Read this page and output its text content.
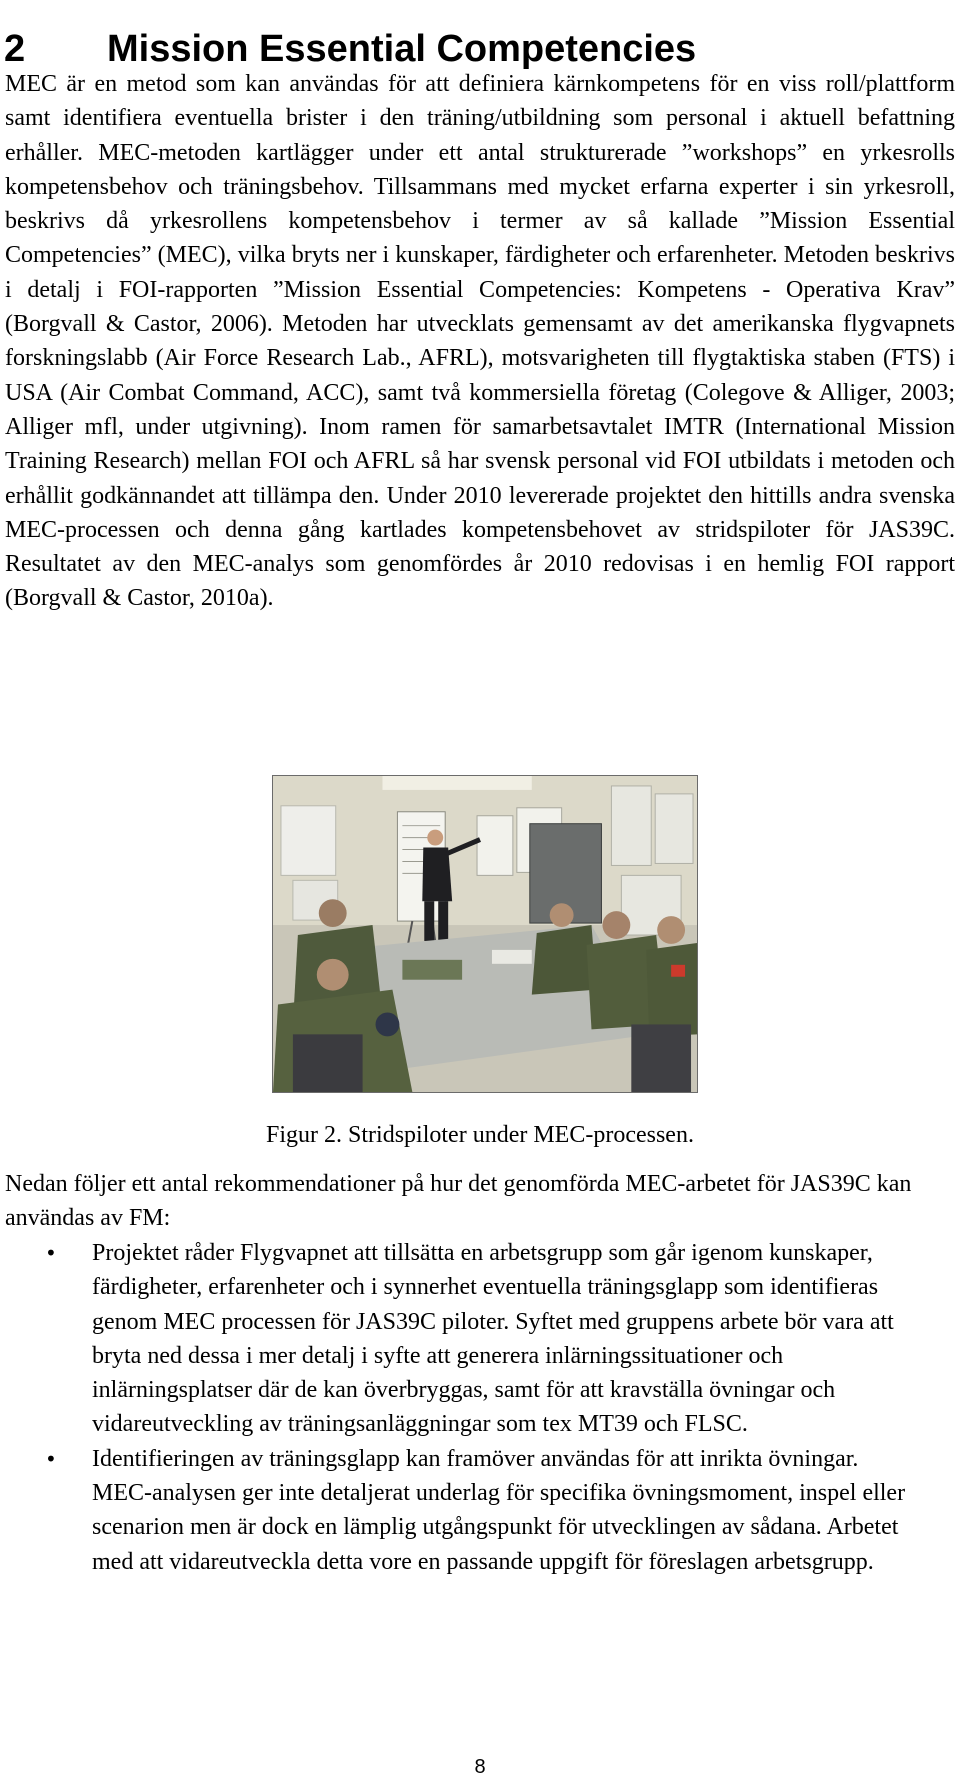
2 Mission Essential Competencies

MEC är en metod som kan användas för att definiera kärnkompetens för en viss roll/plattform samt identifiera eventuella brister i den träning/utbildning som personal i aktuell befattning erhåller. MEC-metoden kartlägger under ett antal strukturerade ”workshops” en yrkesrolls kompetensbehov och träningsbehov. Tillsammans med mycket erfarna experter i sin yrkesroll, beskrivs då yrkesrollens kompetensbehov i termer av så kallade ”Mission Essential Competencies” (MEC), vilka bryts ner i kunskaper, färdigheter och erfarenheter. Metoden beskrivs i detalj i FOI-rapporten ”Mission Essential Competencies: Kompetens - Operativa Krav” (Borgvall & Castor, 2006). Metoden har utvecklats gemensamt av det amerikanska flygvapnets forskningslabb (Air Force Research Lab., AFRL), motsvarigheten till flygtaktiska staben (FTS) i USA (Air Combat Command, ACC), samt två kommersiella företag (Colegove & Alliger, 2003; Alliger mfl, under utgivning). Inom ramen för samarbetsavtalet IMTR (International Mission Training Research) mellan FOI och AFRL så har svensk personal vid FOI utbildats i metoden och erhållit godkännandet att tillämpa den. Under 2010 levererade projektet den hittills andra svenska MEC-processen och denna gång kartlades kompetensbehovet av stridspiloter för JAS39C. Resultatet av den MEC-analys som genomfördes år 2010 redovisas i en hemlig FOI rapport (Borgvall & Castor, 2010a).

Figur 2. Stridspiloter under MEC-processen.

Nedan följer ett antal rekommendationer på hur det genomförda MEC-arbetet för JAS39C kan användas av FM:

• Projektet råder Flygvapnet att tillsätta en arbetsgrupp som går igenom kunskaper, färdigheter, erfarenheter och i synnerhet eventuella träningsglapp som identifieras genom MEC processen för JAS39C piloter. Syftet med gruppens arbete bör vara att bryta ned dessa i mer detalj i syfte att generera inlärningssituationer och inlärningsplatser där de kan överbryggas, samt för att kravställa övningar och vidareutveckling av träningsanläggningar som tex MT39 och FLSC.
• Identifieringen av träningsglapp kan framöver användas för att inrikta övningar. MEC-analysen ger inte detaljerat underlag för specifika övningsmoment, inspel eller scenarion men är dock en lämplig utgångspunkt för utvecklingen av sådana. Arbetet med att vidareutveckla detta vore en passande uppgift för föreslagen arbetsgrupp.
8
